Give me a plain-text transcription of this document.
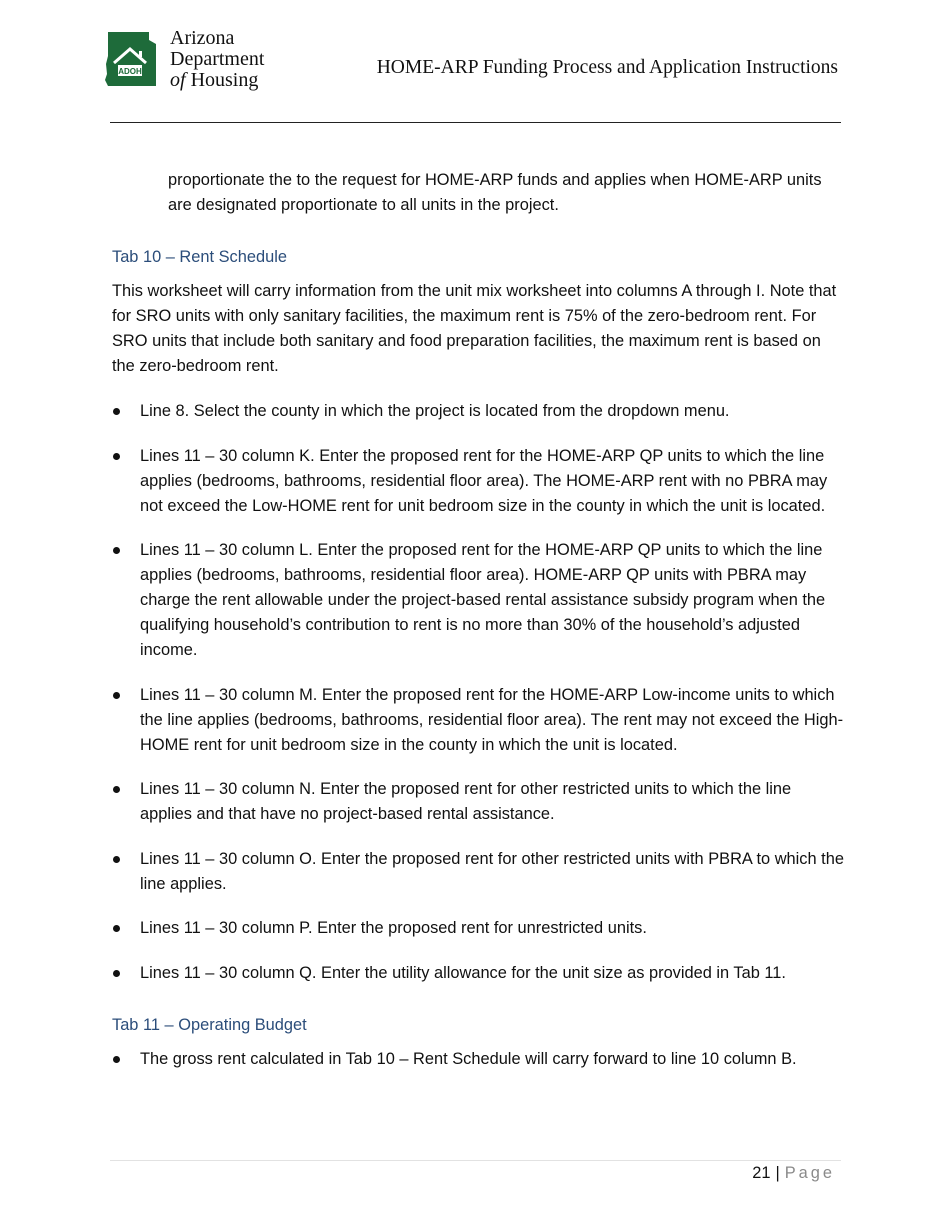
ADOH
Arizona
Department
of Housing
HOME-ARP Funding Process and Application Instructions

proportionate the to the request for HOME-ARP funds and applies when HOME-ARP units are designated proportionate to all units in the project.

Tab 10 – Rent Schedule

This worksheet will carry information from the unit mix worksheet into columns A through I. Note that for SRO units with only sanitary facilities, the maximum rent is 75% of the zero-bedroom rent. For SRO units that include both sanitary and food preparation facilities, the maximum rent is based on the zero-bedroom rent.

Line 8. Select the county in which the project is located from the dropdown menu.
Lines 11 – 30 column K. Enter the proposed rent for the HOME-ARP QP units to which the line applies (bedrooms, bathrooms, residential floor area). The HOME-ARP rent with no PBRA may not exceed the Low-HOME rent for unit bedroom size in the county in which the unit is located.
Lines 11 – 30 column L. Enter the proposed rent for the HOME-ARP QP units to which the line applies (bedrooms, bathrooms, residential floor area). HOME-ARP QP units with PBRA may charge the rent allowable under the project-based rental assistance subsidy program when the qualifying household’s contribution to rent is no more than 30% of the household’s adjusted income.
Lines 11 – 30 column M. Enter the proposed rent for the HOME-ARP Low-income units to which the line applies (bedrooms, bathrooms, residential floor area). The rent may not exceed the High-HOME rent for unit bedroom size in the county in which the unit is located.
Lines 11 – 30 column N. Enter the proposed rent for other restricted units to which the line applies and that have no project-based rental assistance.
Lines 11 – 30 column O. Enter the proposed rent for other restricted units with PBRA to which the line applies.
Lines 11 – 30 column P. Enter the proposed rent for unrestricted units.
Lines 11 – 30 column Q. Enter the utility allowance for the unit size as provided in Tab 11.
Tab 11 – Operating Budget
The gross rent calculated in Tab 10 – Rent Schedule will carry forward to line 10 column B.
21 | Page
